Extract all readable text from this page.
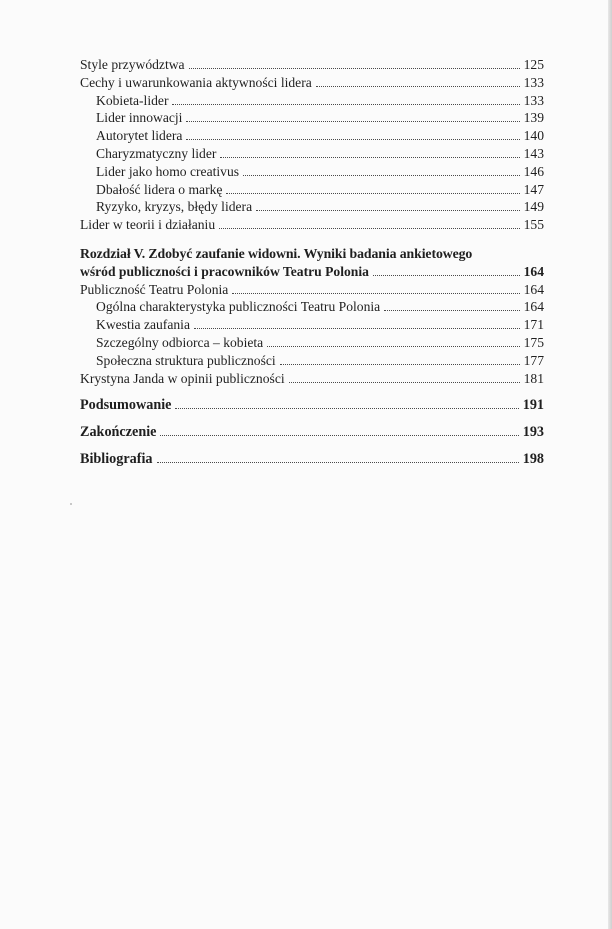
Style przywództwa	125
Cechy i uwarunkowania aktywności lidera	133
Kobieta-lider	133
Lider innowacji	139
Autorytet lidera	140
Charyzmatyczny lider	143
Lider jako homo creativus	146
Dbałość lidera o markę	147
Ryzyko, kryzys, błędy lidera	149
Lider w teorii i działaniu	155
Rozdział V. Zdobyć zaufanie widowni. Wyniki badania ankietowego
wśród publiczności i pracowników Teatru Polonia	164
Publiczność Teatru Polonia	164
Ogólna charakterystyka publiczności Teatru Polonia	164
Kwestia zaufania	171
Szczególny odbiorca – kobieta	175
Społeczna struktura publiczności	177
Krystyna Janda w opinii publiczności	181
Podsumowanie	191
Zakończenie	193
Bibliografia	198
